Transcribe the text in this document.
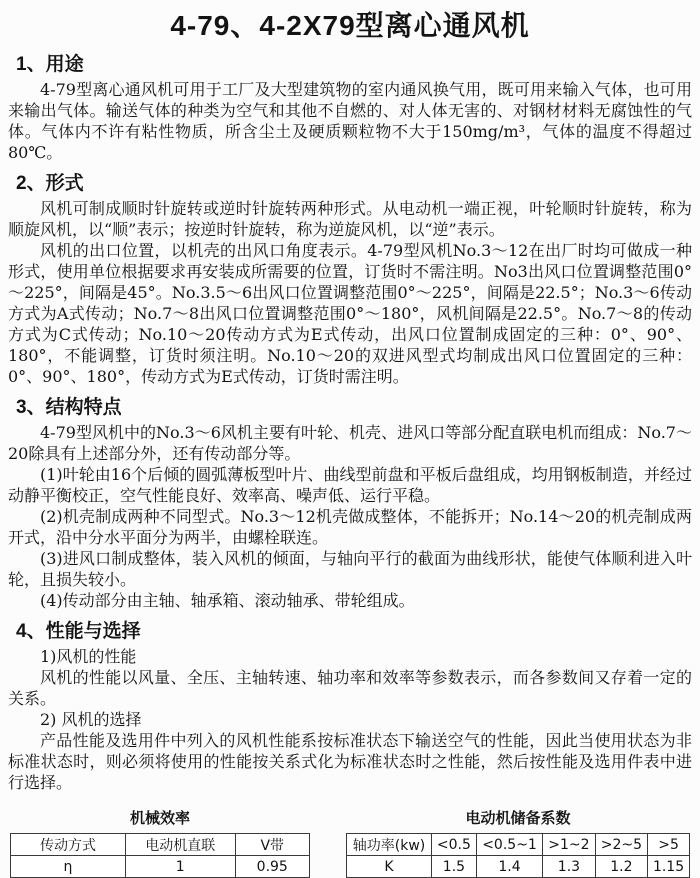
4-79、4-2X79型离心通风机
1、用途

4-79型离心通风机可用于工厂及大型建筑物的室内通风换气用，既可用来输入气体，也可用来输出气体。输送气体的种类为空气和其他不自燃的、对人体无害的、对钢材材料无腐蚀性的气体。气体内不许有粘性物质，所含尘土及硬质颗粒物不大于150mg/m³，气体的温度不得超过80℃。

2、形式

风机可制成顺时针旋转或逆时针旋转两种形式。从电动机一端正视，叶轮顺时针旋转，称为顺旋风机，以“顺”表示；按逆时针旋转，称为逆旋风机，以“逆”表示。

风机的出口位置，以机壳的出风口角度表示。4-79型风机No.3～12在出厂时均可做成一种形式，使用单位根据要求再安装成所需要的位置，订货时不需注明。No3出风口位置调整范围0°～225°，间隔是45°。No.3.5～6出风口位置调整范围0°～225°，间隔是22.5°；No.3～6传动方式为A式传动；No.7～8出风口位置调整范围0°～180°，风机间隔是22.5°。No.7～8的传动方式为C式传动；No.10～20传动方式为E式传动，出风口位置制成固定的三种：0°、90°、180°，不能调整，订货时须注明。No.10～20的双进风型式均制成出风口位置固定的三种：0°、90°、180°，传动方式为E式传动，订货时需注明。

3、结构特点

4-79型风机中的No.3～6风机主要有叶轮、机壳、进风口等部分配直联电机而组成：No.7～20除具有上述部分外，还有传动部分等。

(1)叶轮由16个后倾的圆弧薄板型叶片、曲线型前盘和平板后盘组成，均用钢板制造，并经过动静平衡校正，空气性能良好、效率高、噪声低、运行平稳。

(2)机壳制成两种不同型式。No.3～12机壳做成整体，不能拆开；No.14～20的机壳制成两开式，沿中分水平面分为两半，由螺栓联连。

(3)进风口制成整体，装入风机的倾面，与轴向平行的截面为曲线形状，能使气体顺利进入叶轮，且损失较小。

(4)传动部分由主轴、轴承箱、滚动轴承、带轮组成。

4、性能与选择

1)风机的性能

风机的性能以风量、全压、主轴转速、轴功率和效率等参数表示，而各参数间又存着一定的关系。

2) 风机的选择

产品性能及选用件中列入的风机性能系按标准状态下输送空气的性能，因此当使用状态为非标准状态时，则必须将使用的性能按关系式化为标准状态时之性能，然后按性能及选用件表中进行选择。

机械效率
传动方式	电动机直联	V带
η	1	0.95
电动机储备系数
轴功率(kw)	<0.5	<0.5~1	>1~2	>2~5	>5
K	1.5	1.4	1.3	1.2	1.15
